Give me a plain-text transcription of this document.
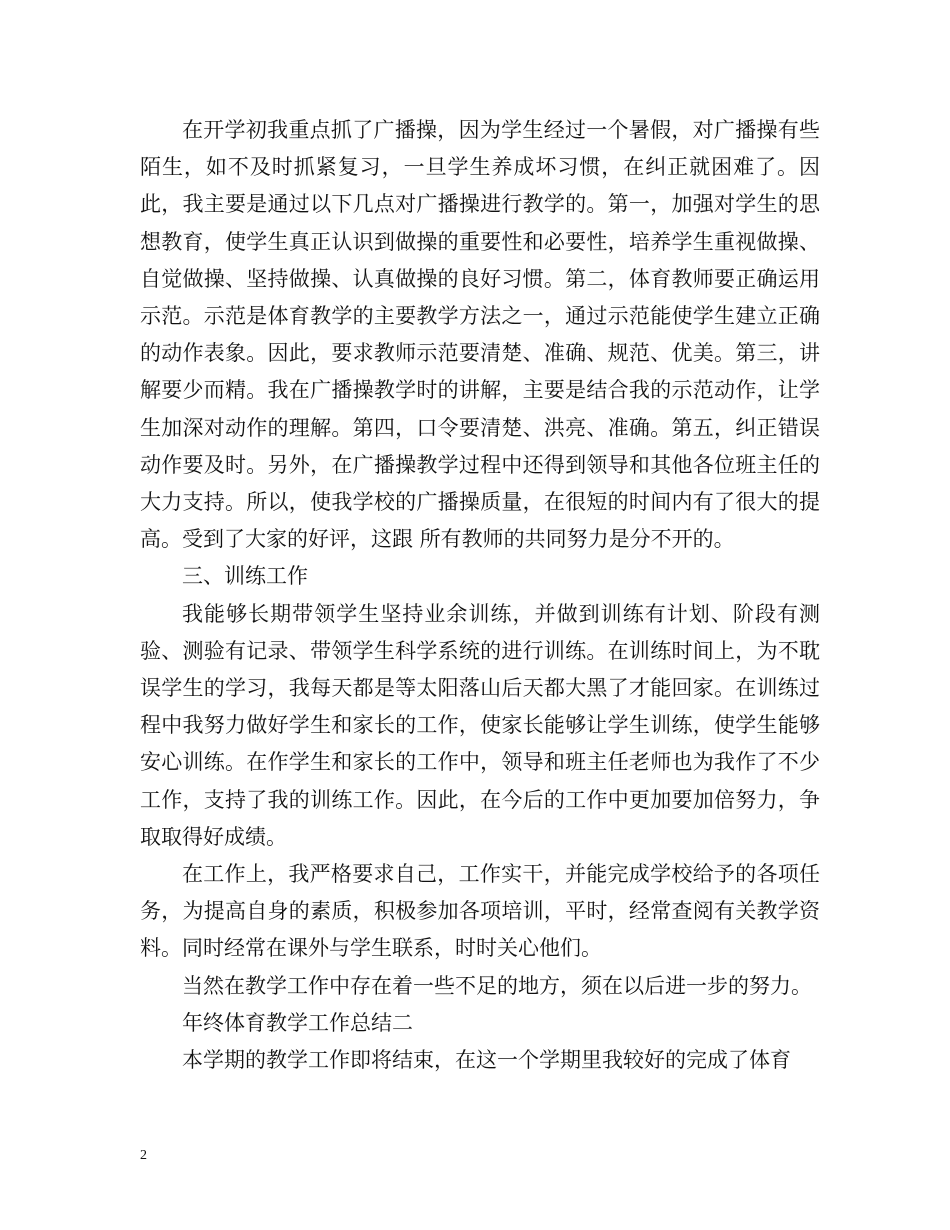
在开学初我重点抓了广播操，因为学生经过一个暑假，对广播操有些陌生，如不及时抓紧复习，一旦学生养成坏习惯，在纠正就困难了。因此，我主要是通过以下几点对广播操进行教学的。第一，加强对学生的思想教育，使学生真正认识到做操的重要性和必要性，培养学生重视做操、自觉做操、坚持做操、认真做操的良好习惯。第二，体育教师要正确运用示范。示范是体育教学的主要教学方法之一，通过示范能使学生建立正确的动作表象。因此，要求教师示范要清楚、准确、规范、优美。第三，讲解要少而精。我在广播操教学时的讲解，主要是结合我的示范动作，让学生加深对动作的理解。第四，口令要清楚、洪亮、准确。第五，纠正错误动作要及时。另外，在广播操教学过程中还得到领导和其他各位班主任的大力支持。所以，使我学校的广播操质量，在很短的时间内有了很大的提高。受到了大家的好评，这跟 所有教师的共同努力是分不开的。

三、训练工作

我能够长期带领学生坚持业余训练，并做到训练有计划、阶段有测验、测验有记录、带领学生科学系统的进行训练。在训练时间上，为不耽误学生的学习，我每天都是等太阳落山后天都大黑了才能回家。在训练过程中我努力做好学生和家长的工作，使家长能够让学生训练，使学生能够安心训练。在作学生和家长的工作中，领导和班主任老师也为我作了不少工作，支持了我的训练工作。因此，在今后的工作中更加要加倍努力，争取取得好成绩。

在工作上，我严格要求自己，工作实干，并能完成学校给予的各项任务，为提高自身的素质，积极参加各项培训，平时，经常查阅有关教学资料。同时经常在课外与学生联系，时时关心他们。

当然在教学工作中存在着一些不足的地方，须在以后进一步的努力。

年终体育教学工作总结二

本学期的教学工作即将结束，在这一个学期里我较好的完成了体育

2
